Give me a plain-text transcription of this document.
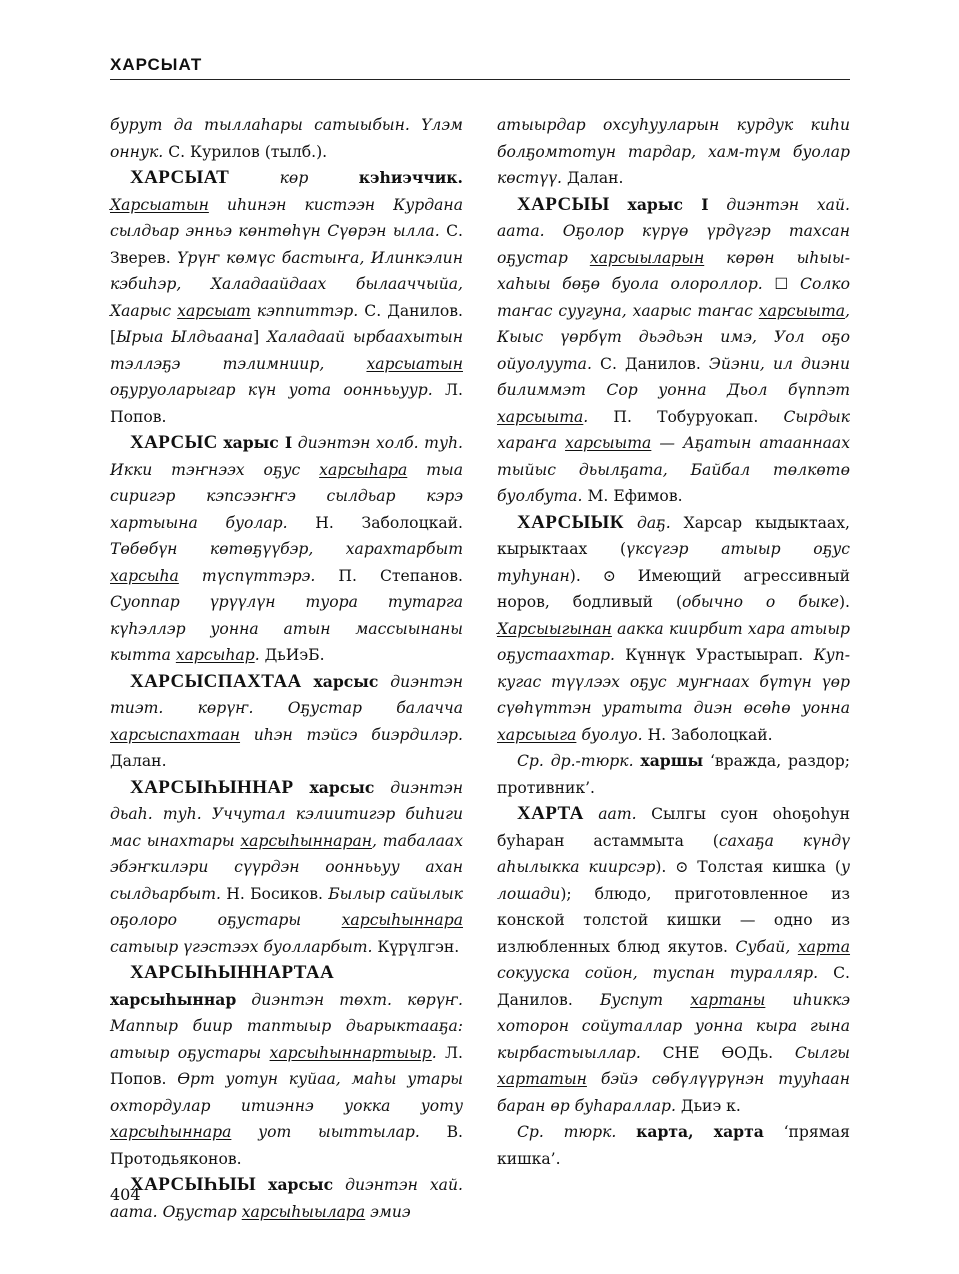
ХАРСЫАТ

бурут да тыллаһары сатыыбын. Үлэм оннук. С. Курилов (тылб.).

ХАРСЫАТ	көр	кэһиэччик. Харсыатын иһинэн кистээн Курдана сылдьар энньэ көнтөһүн Сүөрэн ылла. С. Зверев. Үрүҥ көмүс бастыҥа, Илинкэлин кэбиһэр, Халадаайдаах былааччыйа, Хаарыс харсыат кэппиттэр. С. Данилов. [Ырыа Ылдьаана] Халадаай ырбаахытын тэллэҕэ тэлимниир, харсыатын оҕуруоларыгар күн уота ооннььуур. Л. Попов.

ХАРСЫС харыс I диэнтэн холб. туһ. Икки тэҥнээх оҕус харсыһара тыа сиригэр кэпсээҥҥэ сылдьар кэрэ хартыына буолар. Н. Заболоцкай. Төбөбүн көтөҕүүбэр, харахтарбыт харсыһа түспүттэрэ. П. Степанов. Суоппар үрүүлүн туора тутарга күһэллэр уонна атын массыынаны кытта харсыһар. ДьИэБ.

ХАРСЫСПАХТАА харсыс диэнтэн тиэт. көрүҥ. Оҕустар балачча харсыспахтаан иһэн тэйсэ биэрдилэр. Далан.

ХАРСЫҺЫННАР харсыс диэнтэн дьаһ. туһ. Уччутал кэлиитигэр биһиги мас ынахтары харсыһыннаран, табалаах эбэҥкилэри сүүрдэн ооннььуу ахан сылдьарбыт. Н. Босиков. Былыр сайылык оҕолоро оҕустары харсыһыннара сатыыр үгэстээх буолларбыт. Күрүлгэн.

ХАРСЫҺЫННАРТАА харсыһыннар диэнтэн төхт. көрүҥ. Маппыр биир таптыыр дьарыктааҕа: атыыр оҕустары харсыһыннартыыр. Л. Попов. Өрт уотун куйаа, маһы утары охтордулар итиэннэ уокка уоту харсыһыннара уот ыыттылар. В. Протодьяконов.

ХАРСЫҺЫЫ харсыс диэнтэн хай. аата. Оҕустар харсыһыылара эмиэ

атыырдар охсуһууларын курдук киһи болҕомтотун тардар, хам-түм буолар көстүү. Далан.

ХАРСЫЫ харыс I диэнтэн хай. аата. Оҕолор күрүө үрдүгэр тахсан оҕустар харсыыларын көрөн ыһыы-хаһыы бөҕө буола олороллор. ☐ Солко таҥас суугуна, хаарыс таҥас харсыыта, Кыыс үөрбүт дьэдьэн имэ, Уол оҕо ойуолуута. С. Данилов. Эйэни, ил диэни билиммэт Сор уонна Дьол бүппэт харсыыта. П. Тобуруокап. Сырдык хараҥа харсыыта — Аҕатын атааннаах тыйыс дьылҕата, Байбал төлкөтө буолбута. М. Ефимов.

ХАРСЫЫК даҕ. Харсар кыдыктаах, кырыктаах (үксүгэр атыыр оҕус туһунан). ⊙ Имеющий агрессивный норов, бодливый (обычно о быке). Харсыыгынан аакка киирбит хара атыыр оҕустаахтар. Күннүк Урастыырап. Куп-кугас түүлээх оҕус муҥнаах бүтүн үөр сүөһүттэн уратыта диэн өсөһө уонна харсыыга буолуо. Н. Заболоцкай.

Ср. др.-тюрк. харшы ‘вражда, раздор; противник’.

ХАРТА аат. Сылгы суон оһоҕоһун буһаран астаммыта (сахаҕа күндү аһылыкка киирсэр). ⊙ Толстая кишка (у лошади); блюдо, приготовленное из конской толстой кишки — одно из излюбленных блюд якутов. Субай, харта сокууска сойон, туспан туралляр. С. Данилов. Буспут хартаны иһиккэ хоторон сойуталлар уонна кыра гына кырбастыыллар. СНЕ ӨОДь. Сылгы хартатын бэйэ сөбүлүүрүнэн тууһаан баран өр буһараллар. Дьиэ к.

Ср. тюрк. карта, харта ‘прямая кишка’.

404
